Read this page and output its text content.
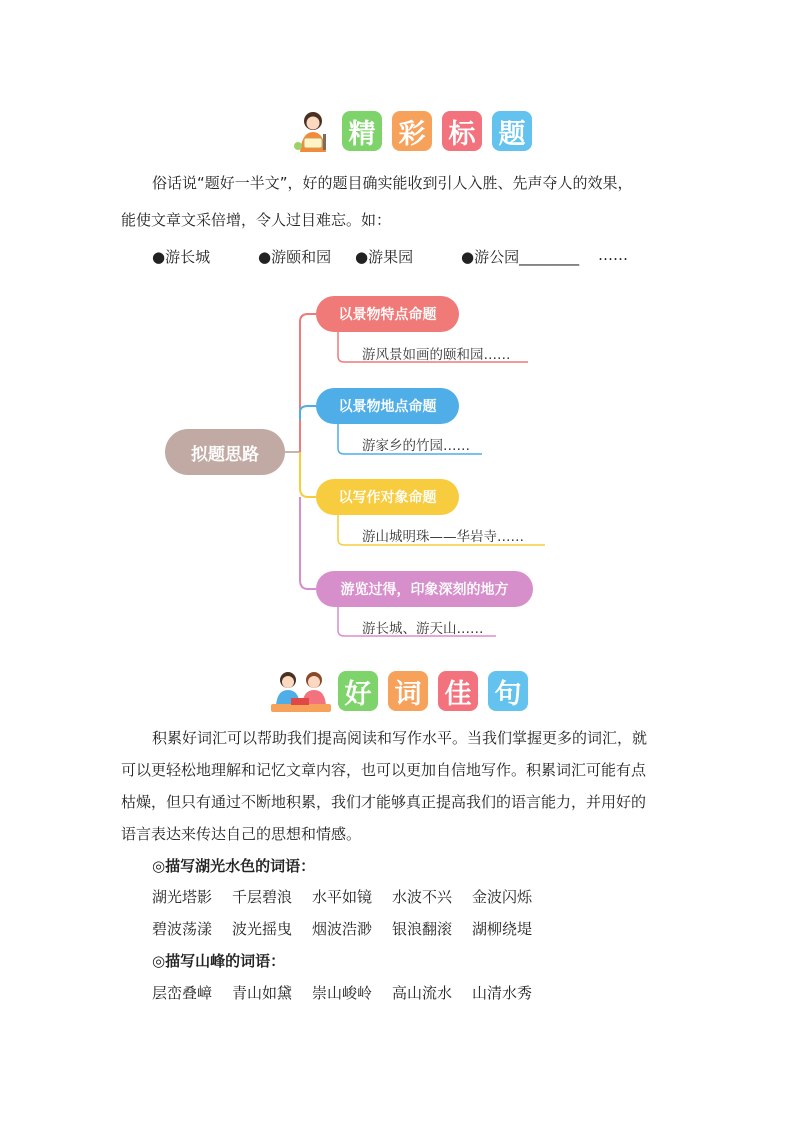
精 彩 标 题
俗话说“题好一半文”，好的题目确实能收到引人入胜、先声夺人的效果，
能使文章文采倍增，令人过目难忘。如：
●游长城	●游颐和园 ●游果园	●游公园________ ……
拟题思路
以景物特点命题
游风景如画的颐和园……
以景物地点命题
游家乡的竹园……
以写作对象命题
游山城明珠——华岩寺……
游览过得，印象深刻的地方
游长城、游天山……
好 词 佳 句
积累好词汇可以帮助我们提高阅读和写作水平。当我们掌握更多的词汇，就
可以更轻松地理解和记忆文章内容，也可以更加自信地写作。积累词汇可能有点
枯燥，但只有通过不断地积累，我们才能够真正提高我们的语言能力，并用好的
语言表达来传达自己的思想和情感。
◎描写湖光水色的词语：
湖光塔影 千层碧浪 水平如镜 水波不兴 金波闪烁
碧波荡漾 波光摇曳 烟波浩渺 银浪翻滚 湖柳绕堤
◎描写山峰的词语：
层峦叠嶂 青山如黛 崇山峻岭 高山流水 山清水秀
